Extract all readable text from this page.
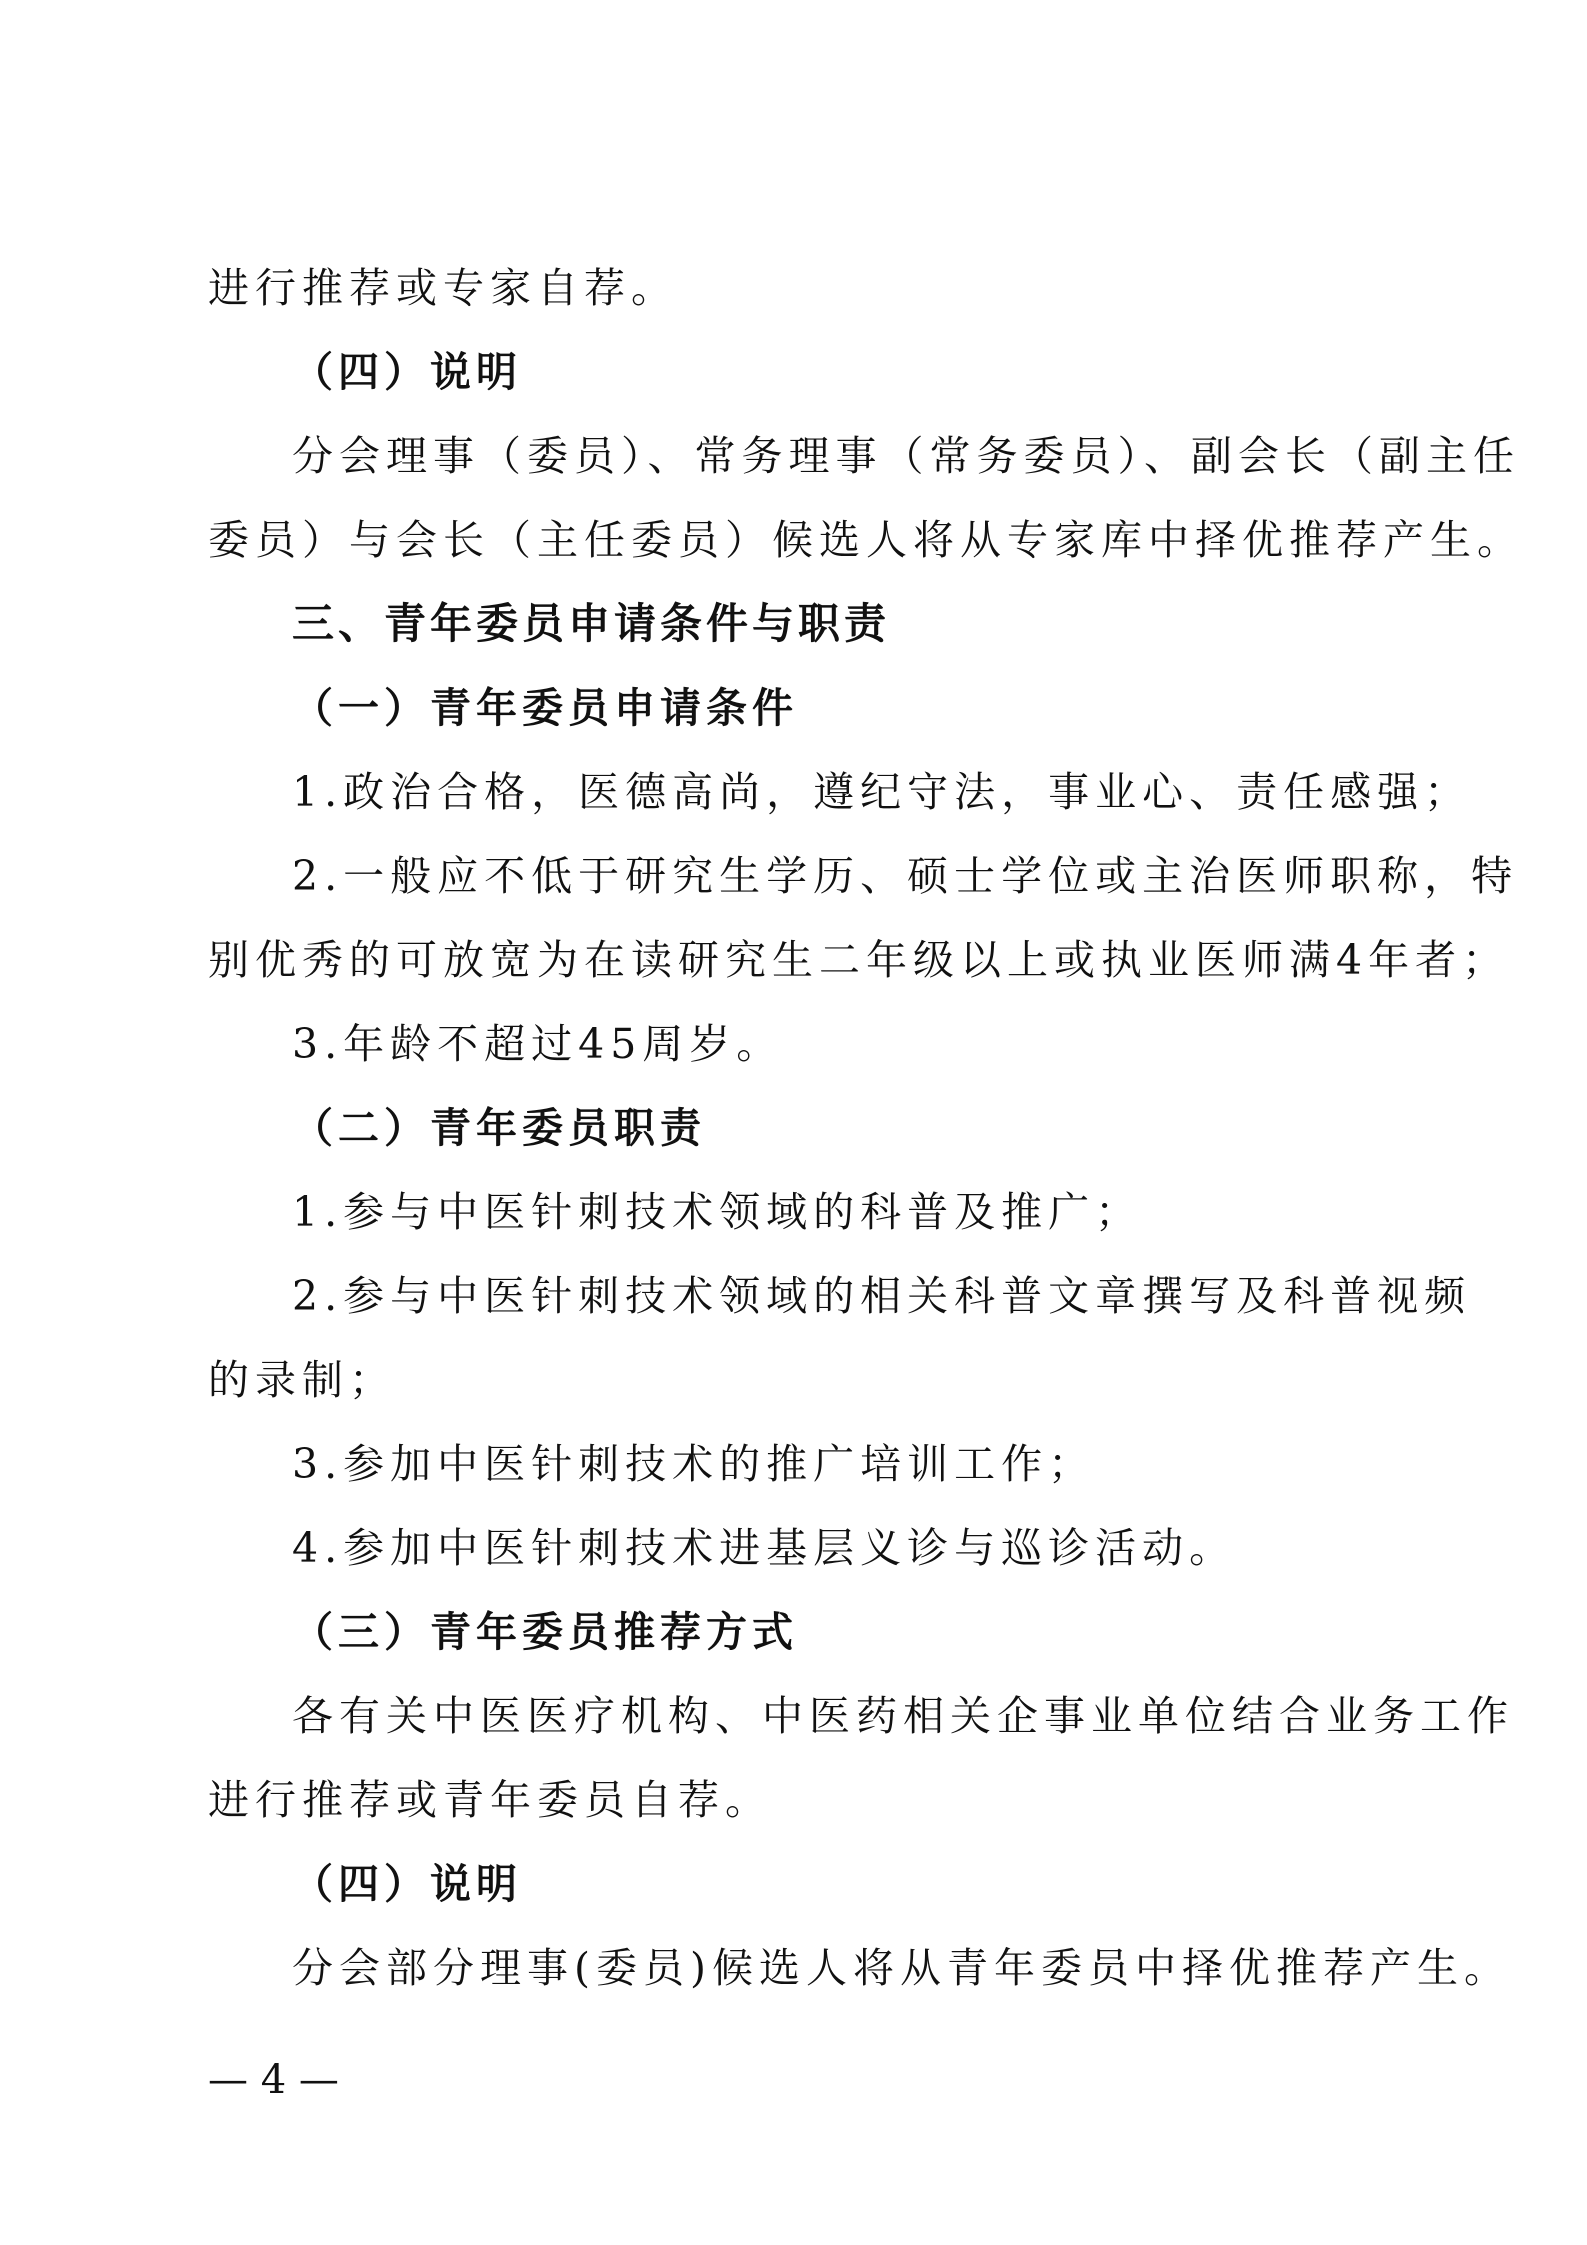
进行推荐或专家自荐。
（四）说明
分会理事（委员）、常务理事（常务委员）、副会长（副主任
委员）与会长（主任委员）候选人将从专家库中择优推荐产生。
三、青年委员申请条件与职责
（一）青年委员申请条件
1.政治合格，医德高尚，遵纪守法，事业心、责任感强；
2.一般应不低于研究生学历、硕士学位或主治医师职称，特
别优秀的可放宽为在读研究生二年级以上或执业医师满4年者；
3.年龄不超过45周岁。
（二）青年委员职责
1.参与中医针刺技术领域的科普及推广；
2.参与中医针刺技术领域的相关科普文章撰写及科普视频
的录制；
3.参加中医针刺技术的推广培训工作；
4.参加中医针刺技术进基层义诊与巡诊活动。
（三）青年委员推荐方式
各有关中医医疗机构、中医药相关企事业单位结合业务工作
进行推荐或青年委员自荐。
（四）说明
分会部分理事(委员)候选人将从青年委员中择优推荐产生。
— 4 —
